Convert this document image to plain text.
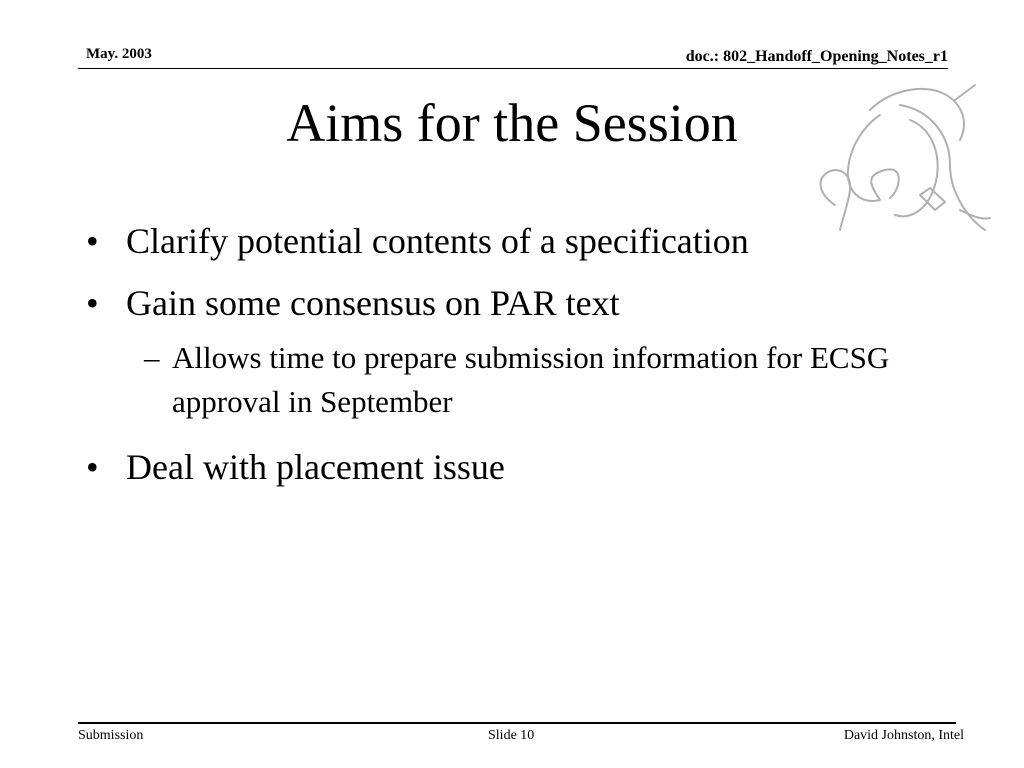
May. 2003	doc.: 802_Handoff_Opening_Notes_r1
Aims for the Session
• Clarify potential contents of a specification
• Gain some consensus on PAR text
– Allows time to prepare submission information for ECSG approval in September
• Deal with placement issue
Submission	Slide 10	David Johnston, Intel
